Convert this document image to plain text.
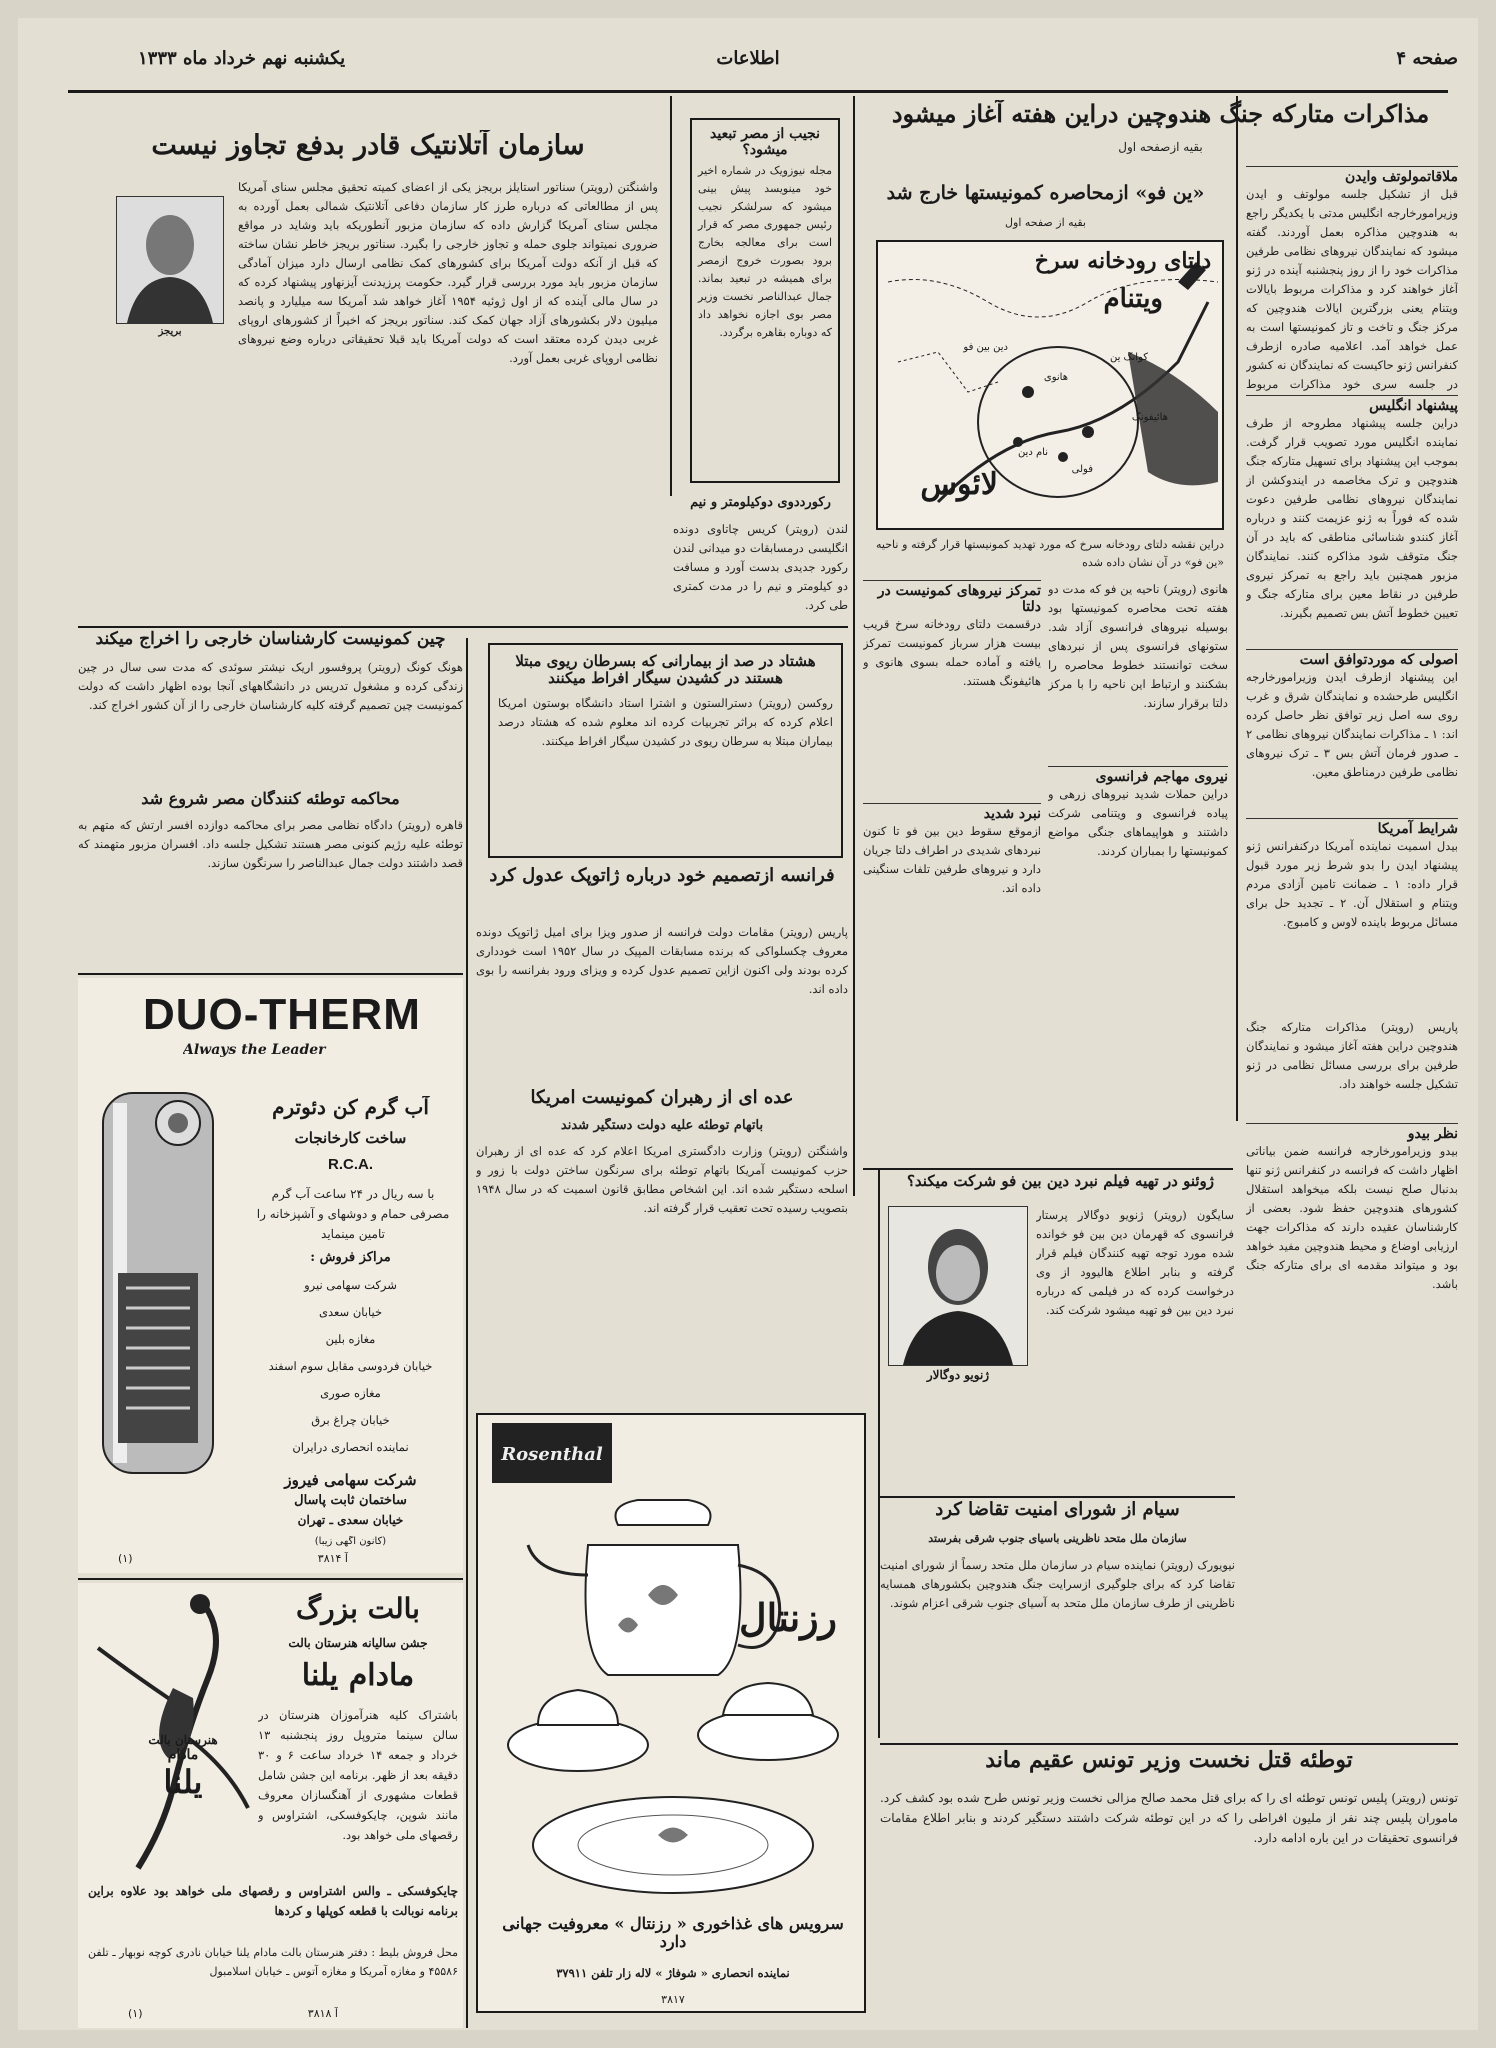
صفحه ۴
اطلاعات
یکشنبه نهم خرداد ماه ۱۳۳۳
مذاکرات متارکه جنگ هندوچین دراین هفته آغاز میشود
بقیه ازصفحه اول
ملاقاتمولوتف وایدن
قبل از تشکیل جلسه مولوتف و ایدن وزیرامورخارجه انگلیس مدتی با یکدیگر راجع به هندوچین مذاکره بعمل آوردند. گفته میشود که نمایندگان نیروهای نظامی طرفین مذاکرات خود را از روز پنجشنبه آینده در ژنو آغاز خواهند کرد و مذاکرات مربوط بایالات ویتنام یعنی بزرگترین ایالات هندوچین که مرکز جنگ و تاخت و تاز کمونیستها است به عمل خواهد آمد. اعلامیه صادره ازطرف کنفرانس ژنو حاکیست که نمایندگان نه کشور در جلسه سری خود مذاکرات مربوط
پیشنهاد انگلیس
دراین جلسه پیشنهاد مطروحه از طرف نماینده انگلیس مورد تصویب قرار گرفت. بموجب این پیشنهاد برای تسهیل متارکه جنگ هندوچین و ترک مخاصمه در ایندوکشن از نمایندگان نیروهای نظامی طرفین دعوت شده که فوراً به ژنو عزیمت کنند و درباره آغاز کنندو شناسائی مناطقی که باید در آن جنگ متوقف شود مذاکره کنند. نمایندگان مزبور همچنین باید راجع به تمرکز نیروی طرفین در نقاط معین برای متارکه جنگ و تعیین خطوط آتش بس تصمیم بگیرند.
اصولی که موردتوافق است
این پیشنهاد ازطرف ایدن وزیرامورخارجه انگلیس طرحشده و نمایندگان شرق و غرب روی سه اصل زیر توافق نظر حاصل کرده اند: ۱ ـ مذاکرات نمایندگان نیروهای نظامی ۲ ـ صدور فرمان آتش بس ۳ ـ ترک نیروهای نظامی طرفین درمناطق معین.
شرایط آمریکا
بیدل اسمیت نماینده آمریکا درکنفرانس ژنو پیشنهاد ایدن را بدو شرط زیر مورد قبول قرار داده: ۱ ـ ضمانت تامین آزادی مردم ویتنام و استقلال آن. ۲ ـ تجدید حل برای مسائل مربوط باینده لاوس و کامبوج.
پاریس (رویتر) مذاکرات متارکه جنگ هندوچین دراین هفته آغاز میشود و نمایندگان طرفین برای بررسی مسائل نظامی در ژنو تشکیل جلسه خواهند داد.
نظر بیدو
بیدو وزیرامورخارجه فرانسه ضمن بیاناتی اظهار داشت که فرانسه در کنفرانس ژنو تنها بدنبال صلح نیست بلکه میخواهد استقلال کشورهای هندوچین حفظ شود. بعضی از کارشناسان عقیده دارند که مذاکرات جهت ارزیابی اوضاع و محیط هندوچین مفید خواهد بود و میتواند مقدمه ای برای متارکه جنگ باشد.
«ین فو» ازمحاصره کمونیستها خارج شد
بقیه از صفحه اول
دلتای رودخانه سرخ
ویتنام
لائوس
هانوی
دین بین فو
هائیفونگ
کوانگ ین
فولی
نام دین
دراین نقشه دلتای رودخانه سرخ که مورد تهدید کمونیستها قرار گرفته و ناحیه «ین فو» در آن نشان داده شده
هانوی (رویتر) ناحیه ین فو که مدت دو هفته تحت محاصره کمونیستها بود بوسیله نیروهای فرانسوی آزاد شد. ستونهای فرانسوی پس از نبردهای سخت توانستند خطوط محاصره را بشکنند و ارتباط این ناحیه را با مرکز دلتا برقرار سازند.
نیروی مهاجم فرانسوی
دراین حملات شدید نیروهای زرهی و پیاده فرانسوی و ویتنامی شرکت داشتند و هواپیماهای جنگی مواضع کمونیستها را بمباران کردند.
تمرکز نیروهای کمونیست در دلتا
درقسمت دلتای رودخانه سرخ قریب بیست هزار سرباز کمونیست تمرکز یافته و آماده حمله بسوی هانوی و هائیفونگ هستند.
نبرد شدید
ازموقع سقوط دین بین فو تا کنون نبردهای شدیدی در اطراف دلتا جریان دارد و نیروهای طرفین تلفات سنگینی داده اند.
سازمان آتلانتیک قادر بدفع تجاوز نیست
بریجز
واشنگتن (رویتر) سناتور استایلز بریجز یکی از اعضای کمیته تحقیق مجلس سنای آمریکا پس از مطالعاتی که درباره طرز کار سازمان دفاعی آتلانتیک شمالی بعمل آورده به مجلس سنای آمریکا گزارش داده که سازمان مزبور آنطوریکه باید وشاید در مواقع ضروری نمیتواند جلوی حمله و تجاوز خارجی را بگیرد. سناتور بریجز خاطر نشان ساخته که قبل از آنکه دولت آمریکا برای کشورهای کمک نظامی ارسال دارد میزان آمادگی سازمان مزبور باید مورد بررسی قرار گیرد. حکومت پرزیدنت آیزنهاور پیشنهاد کرده که در سال مالی آینده که از اول ژوئیه ۱۹۵۴ آغاز خواهد شد آمریکا سه میلیارد و پانصد میلیون دلار بکشورهای آزاد جهان کمک کند. سناتور بریجز که اخیراً از کشورهای اروپای غربی دیدن کرده معتقد است که دولت آمریکا باید قبلا تحقیقاتی درباره وضع نیروهای نظامی اروپای غربی بعمل آورد.
نجیب از مصر تبعید میشود؟
مجله نیوزویک در شماره اخیر خود مینویسد پیش بینی میشود که سرلشکر نجیب رئیس جمهوری مصر که قرار است برای معالجه بخارج برود بصورت خروج ازمصر برای همیشه در تبعید بماند. جمال عبدالناصر نخست وزیر مصر بوی اجازه نخواهد داد که دوباره بقاهره برگردد.
رکورددوی دوکیلومتر و نیم
لندن (رویتر) کریس چاتاوی دونده انگلیسی درمسابقات دو میدانی لندن رکورد جدیدی بدست آورد و مسافت دو کیلومتر و نیم را در مدت کمتری طی کرد.
چین کمونیست کارشناسان خارجی را اخراج میکند
هونگ کونگ (رویتر) پروفسور اریک نیشتر سوئدی که مدت سی سال در چین زندگی کرده و مشغول تدریس در دانشگاههای آنجا بوده اظهار داشت که دولت کمونیست چین تصمیم گرفته کلیه کارشناسان خارجی را از آن کشور اخراج کند.
محاکمه توطئه کنندگان مصر شروع شد
قاهره (رویتر) دادگاه نظامی مصر برای محاکمه دوازده افسر ارتش که متهم به توطئه علیه رژیم کنونی مصر هستند تشکیل جلسه داد. افسران مزبور متهمند که قصد داشتند دولت جمال عبدالناصر را سرنگون سازند.
هشتاد در صد از بیمارانی که بسرطان ریوی مبتلا هستند در کشیدن سیگار افراط میکنند
روکسن (رویتر) دسترالستون و اشترا استاد دانشگاه بوستون امریکا اعلام کرده که براثر تجربیات کرده اند معلوم شده که هشتاد درصد بیماران مبتلا به سرطان ریوی در کشیدن سیگار افراط میکنند.
فرانسه ازتصمیم خود درباره ژاتوپک عدول کرد
پاریس (رویتر) مقامات دولت فرانسه از صدور ویزا برای امیل ژاتوپک دونده معروف چکسلواکی که برنده مسابقات المپیک در سال ۱۹۵۲ است خودداری کرده بودند ولی اکنون ازاین تصمیم عدول کرده و ویزای ورود بفرانسه را بوی داده اند.
عده ای از رهبران کمونیست امریکا
باتهام توطئه علیه دولت دستگیر شدند
واشنگتن (رویتر) وزارت دادگستری امریکا اعلام کرد که عده ای از رهبران حزب کمونیست آمریکا باتهام توطئه برای سرنگون ساختن دولت با زور و اسلحه دستگیر شده اند. این اشخاص مطابق قانون اسمیت که در سال ۱۹۴۸ بتصویب رسیده تحت تعقیب قرار گرفته اند.
ژوئنو در تهیه فیلم نبرد دین بین فو شرکت میکند؟
ژنویو دوگالار
سایگون (رویتر) ژنویو دوگالار پرستار فرانسوی که قهرمان دین بین فو خوانده شده مورد توجه تهیه کنندگان فیلم قرار گرفته و بنابر اطلاع هالیوود از وی درخواست کرده که در فیلمی که درباره نبرد دین بین فو تهیه میشود شرکت کند.
سیام از شورای امنیت تقاضا کرد
سازمان ملل متحد ناظرینی باسیای جنوب شرقی بفرستد
نیویورک (رویتر) نماینده سیام در سازمان ملل متحد رسماً از شورای امنیت تقاضا کرد که برای جلوگیری ازسرایت جنگ هندوچین بکشورهای همسایه ناظرینی از طرف سازمان ملل متحد به آسیای جنوب شرقی اعزام شوند.
توطئه قتل نخست وزیر تونس عقیم ماند
تونس (رویتر) پلیس تونس توطئه ای را که برای قتل محمد صالح مزالی نخست وزیر تونس طرح شده بود کشف کرد. ماموران پلیس چند نفر از ملیون افراطی را که در این توطئه شرکت داشتند دستگیر کردند و بنابر اطلاع مقامات فرانسوی تحقیقات در این باره ادامه دارد.
DUO-THERM
Always the Leader
آب گرم کن دئوترم
ساخت کارخانجات
R.C.A.
با سه ریال در ۲۴ ساعت آب گرم مصرفی حمام و دوشهای و آشپزخانه را تامین مینماید
مراکز فروش :
شرکت سهامی نیرو
خیابان سعدی
مغازه بلین
خیابان فردوسی مقابل سوم اسفند
مغازه صوری
خیابان چراغ برق
نماینده انحصاری درایران
شرکت سهامی فیروز
ساختمان ثابت پاسال
خیابان سعدی ـ تهران
(کانون آگهی زیبا)
آ ۳۸۱۴
(۱)
بالت بزرگ
جشن سالیانه هنرستان بالت
مادام یلنا
هنرستان بالت
مادام
یلنا
باشتراک کلیه هنرآموزان هنرستان در سالن سینما متروپل روز پنجشنبه ۱۳ خرداد و جمعه ۱۴ خرداد ساعت ۶ و ۳۰ دقیقه بعد از ظهر. برنامه این جشن شامل قطعات مشهوری از آهنگسازان معروف مانند شوپن، چایکوفسکی، اشتراوس و رقصهای ملی خواهد بود.
چایکوفسکی ـ والس اشتراوس و رقصهای ملی خواهد بود علاوه براین برنامه نوبالت با قطعه کوپلها و کردها
محل فروش بلیط : دفتر هنرستان بالت مادام یلنا خیابان نادری کوچه نوبهار ـ تلفن ۴۵۵۸۶ و مغازه آمریکا و مغازه آتوس ـ خیابان اسلامبول
آ ۳۸۱۸
(۱)
Rosenthal
رزنتال
سرویس های غذاخوری « رزنتال » معروفیت جهانی دارد
نماینده انحصاری « شوفاژ » لاله زار تلفن ۳۷۹۱۱
۳۸۱۷
